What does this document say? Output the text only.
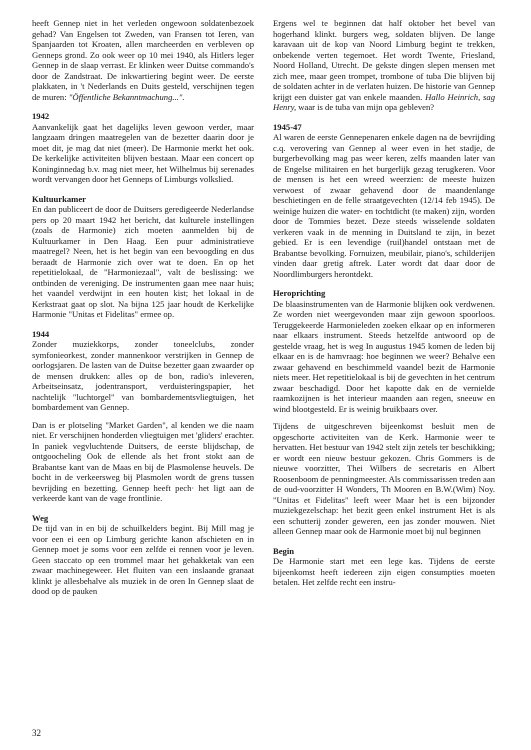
heeft Gennep niet in het verleden ongewoon soldatenbezoek gehad? Van Engelsen tot Zweden, van Fransen tot Ieren, van Spanjaarden tot Kroaten, allen marcheerden en verbleven op Genneps grond. Zo ook weer op 10 mei 1940, als Hitlers leger Gennep in de slaap verrast. Er klinken weer Duitse commando's door de Zandstraat. De inkwartiering begint weer. De eerste plakkaten, in 't Nederlands en Duits gesteld, verschijnen tegen de muren: "Öffentliche Bekanntmachung...".

1942

Aanvankelijk gaat het dagelijks leven gewoon verder, maar langzaam dringen maatregelen van de bezetter daarin door je moet dit, je mag dat niet (meer). De Harmonie merkt het ook. De kerkelijke activiteiten blijven bestaan. Maar een concert op Koninginnedag b.v. mag niet meer, het Wilhelmus bij serenades wordt vervangen door het Genneps of Limburgs volkslied.

Kultuurkamer

En dan publiceert de door de Duitsers geredigeerde Nederlandse pers op 20 maart 1942 het bericht, dat kulturele instellingen (zoals de Harmonie) zich moeten aanmelden bij de Kultuurkamer in Den Haag. Een puur administratieve maatregel? Neen, het is het begin van een bevoogding en dus beraadt de Harmonie zich over wat te doen. En op het repetitielokaal, de "Harmoniezaal", valt de beslissing: we ontbinden de vereniging. De instrumenten gaan mee naar huis; het vaandel verdwijnt in een houten kist; het lokaal in de Kerkstraat gaat op slot. Na bijna 125 jaar houdt de Kerkelijke Harmonie "Unitas et Fidelitas" ermee op.

1944

Zonder muziekkorps, zonder toneelclubs, zonder symfonieorkest, zonder mannenkoor verstrijken in Gennep de oorlogsjaren. De lasten van de Duitse bezetter gaan zwaarder op de mensen drukken: alles op de bon, radio's inleveren, Arbeitseinsatz, jodentransport, verduisteringspapier, het nachtelijk "luchtorgel" van bombardementsvliegtuigen, het bombardement van Gennep.

Dan is er plotseling "Market Garden", al kenden we die naam niet. Er verschijnen honderden vliegtuigen met 'gliders' erachter. In paniek vegvluchtende Duitsers, de eerste blijdschap, de ontgoocheling Ook de ellende als het front stokt aan de Brabantse kant van de Maas en bij de Plasmolense heuvels. De bocht in de verkeersweg bij Plasmolen wordt de grens tussen bevrijding en bezetting. Gennep heeft pech· het ligt aan de verkeerde kant van de vage frontlinie.

Weg

De tijd van in en bij de schuilkelders begint. Bij Mill mag je voor een ei een op Limburg gerichte kanon afschieten en in Gennep moet je soms voor een zelfde ei rennen voor je leven. Geen staccato op een trommel maar het gehakketak van een zwaar machinegeweer. Het fluiten van een inslaande granaat klinkt je allesbehalve als muziek in de oren In Gennep slaat de dood op de pauken

Ergens wel te beginnen dat half oktober het bevel van hogerhand klinkt. burgers weg, soldaten blijven. De lange karavaan uit de kop van Noord Limburg begint te trekken, onbekende verten tegemoet. Het wordt Twente, Friesland, Noord Holland, Utrecht. De gekste dingen slepen mensen met zich mee, maar geen trompet, trombone of tuba Die blijven bij de soldaten achter in de verlaten huizen. De historie van Gennep krijgt een duister gat van enkele maanden. Hallo Heinrich, sag Henry, waar is de tuba van mijn opa gebleven?

1945-47

Al waren de eerste Gennepenaren enkele dagen na de bevrijding c.q. verovering van Gennep al weer even in het stadje, de burgerbevolking mag pas weer keren, zelfs maanden later van de Engelse militairen en het burgerlijk gezag terugkeren. Voor de mensen is het een wreed weerzien: de meeste huizen verwoest of zwaar gehavend door de maandenlange beschietingen en de felle straatgevechten (12/14 feb 1945). De weinige huizen die water- en tochtdicht (te maken) zijn, worden door de Tommies bezet. Deze steeds wisselende soldaten verkeren vaak in de menning in Duitsland te zijn, in bezet gebied. Er is een levendige (ruil)handel ontstaan met de Brabantse bevolking. Fornuizen, meubilair, piano's, schilderijen vinden daar gretig aftrek. Later wordt dat daar door de Noordlimburgers herontdekt.

Heroprichting

De blaasinstrumenten van de Harmonie blijken ook verdwenen. Ze worden niet weergevonden maar zijn gewoon spoorloos. Teruggekeerde Harmonieleden zoeken elkaar op en informeren naar elkaars instrument. Steeds hetzelfde antwoord op de gestelde vraag, het is weg In augustus 1945 komen de leden bij elkaar en is de hamvraag: hoe beginnen we weer? Behalve een zwaar gehavend en beschimmeld vaandel bezit de Harmonie niets meer. Het repetitielokaal is bij de gevechten in het centrum zwaar beschadigd. Door het kapotte dak en de vernielde raamkozijnen is het interieur maanden aan regen, sneeuw en wind blootgesteld. Er is weinig bruikbaars over.

Tijdens de uitgeschreven bijeenkomst besluit men de opgeschorte activiteiten van de Kerk. Harmonie weer te hervatten. Het bestuur van 1942 stelt zijn zetels ter beschikking; er wordt een nieuw bestuur gekozen. Chris Gommers is de nieuwe voorzitter, Thei Wilbers de secretaris en Albert Roosenboom de penningmeester. Als commissarissen treden aan de oud-voorzitter H Wonders, Th Mooren en B.W.(Wim) Noy. "Unitas et Fidelitas" leeft weer Maar het is een bijzonder muziekgezelschap: het bezit geen enkel instrument Het is als een schutterij zonder geweren, een jas zonder mouwen. Niet alleen Gennep maar ook de Harmonie moet bij nul beginnen

Begin

De Harmonie start met een lege kas. Tijdens de eerste bijeenkomst heeft iedereen zijn eigen consumpties moeten betalen. Het zelfde recht een instru-

32
